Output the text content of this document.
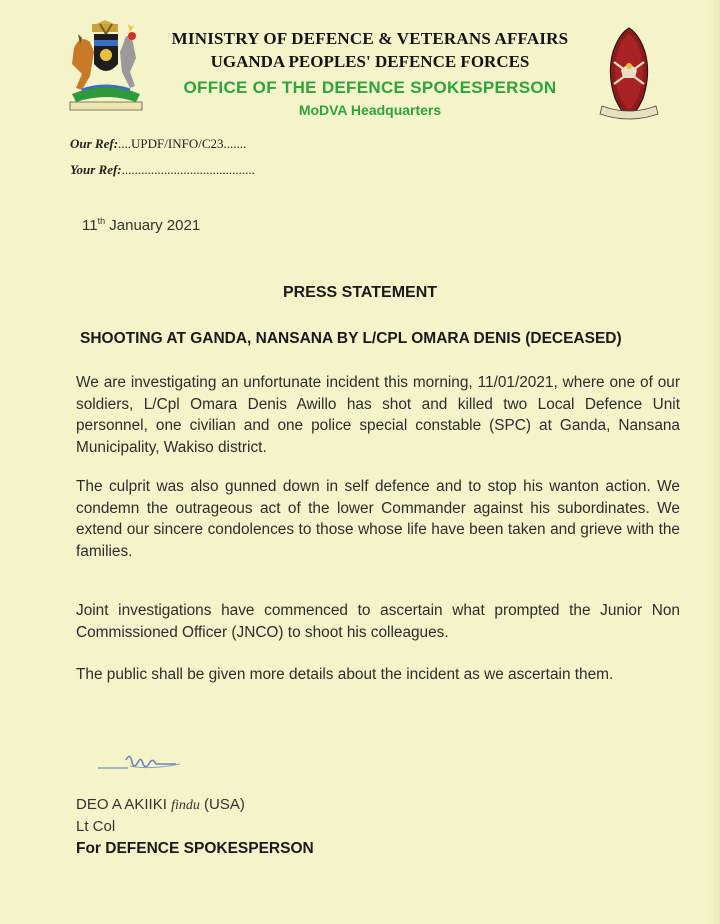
MINISTRY OF DEFENCE & VETERANS AFFAIRS
UGANDA PEOPLES' DEFENCE FORCES
OFFICE OF THE DEFENCE SPOKESPERSON
MoDVA Headquarters
Our Ref:....UPDF/INFO/C23.......
Your Ref:.........................................
11th January 2021
PRESS STATEMENT
SHOOTING AT GANDA, NANSANA BY L/CPL OMARA DENIS (DECEASED)
We are investigating an unfortunate incident this morning, 11/01/2021, where one of our soldiers, L/Cpl Omara Denis Awillo has shot and killed two Local Defence Unit personnel, one civilian and one police special constable (SPC) at Ganda, Nansana Municipality, Wakiso district.
The culprit was also gunned down in self defence and to stop his wanton action. We condemn the outrageous act of the lower Commander against his subordinates. We extend our sincere condolences to those whose life have been taken and grieve with the families.
Joint investigations have commenced to ascertain what prompted the Junior Non Commissioned Officer (JNCO) to shoot his colleagues.
The public shall be given more details about the incident as we ascertain them.
DEO A AKIIKI findu (USA)
Lt Col
For DEFENCE SPOKESPERSON
